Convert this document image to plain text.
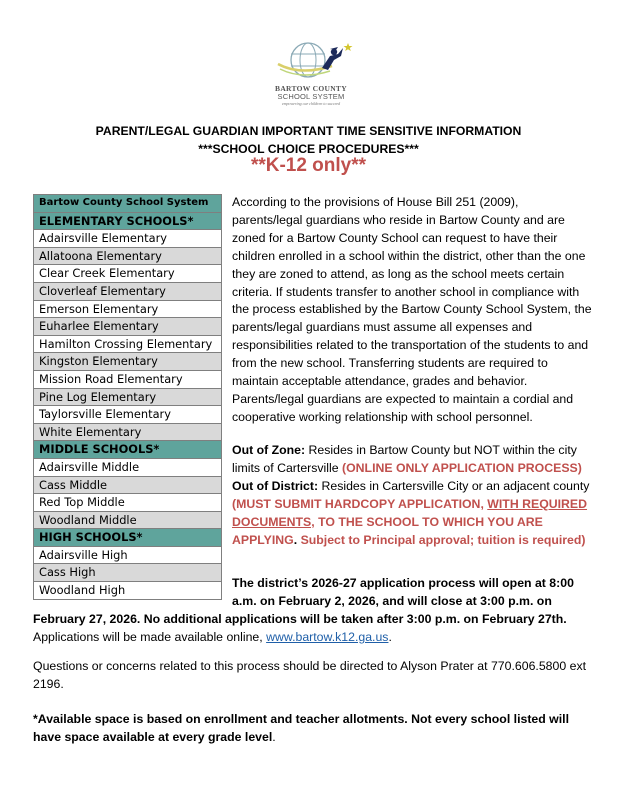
BARTOW COUNTY
SCHOOL SYSTEM
empowering our children to succeed
PARENT/LEGAL GUARDIAN IMPORTANT TIME SENSITIVE INFORMATION
***SCHOOL CHOICE PROCEDURES***
**K-12 only**
Bartow County School System
ELEMENTARY SCHOOLS*
Adairsville Elementary
Allatoona Elementary
Clear Creek Elementary
Cloverleaf Elementary
Emerson Elementary
Euharlee Elementary
Hamilton Crossing Elementary
Kingston Elementary
Mission Road Elementary
Pine Log Elementary
Taylorsville Elementary
White Elementary
MIDDLE SCHOOLS*
Adairsville Middle
Cass Middle
Red Top Middle
Woodland Middle
HIGH SCHOOLS*
Adairsville High
Cass High
Woodland High
According to the provisions of House Bill 251 (2009), parents/legal guardians who reside in Bartow County and are zoned for a Bartow County School can request to have their children enrolled in a school within the district, other than the one they are zoned to attend, as long as the school meets certain criteria. If students transfer to another school in compliance with the process established by the Bartow County School System, the parents/legal guardians must assume all expenses and responsibilities related to the transportation of the students to and from the new school. Transferring students are required to maintain acceptable attendance, grades and behavior. Parents/legal guardians are expected to maintain a cordial and cooperative working relationship with school personnel.
Out of Zone: Resides in Bartow County but NOT within the city limits of Cartersville (ONLINE ONLY APPLICATION PROCESS)
Out of District: Resides in Cartersville City or an adjacent county (MUST SUBMIT HARDCOPY APPLICATION, WITH REQUIRED DOCUMENTS, TO THE SCHOOL TO WHICH YOU ARE APPLYING. Subject to Principal approval; tuition is required)
The district’s 2026-27 application process will open at 8:00 a.m. on February 2, 2026, and will close at 3:00 p.m. on
February 27, 2026. No additional applications will be taken after 3:00 p.m. on February 27th.
Applications will be made available online, www.bartow.k12.ga.us.
Questions or concerns related to this process should be directed to Alyson Prater at 770.606.5800 ext 2196.
*Available space is based on enrollment and teacher allotments. Not every school listed will have space available at every grade level.
